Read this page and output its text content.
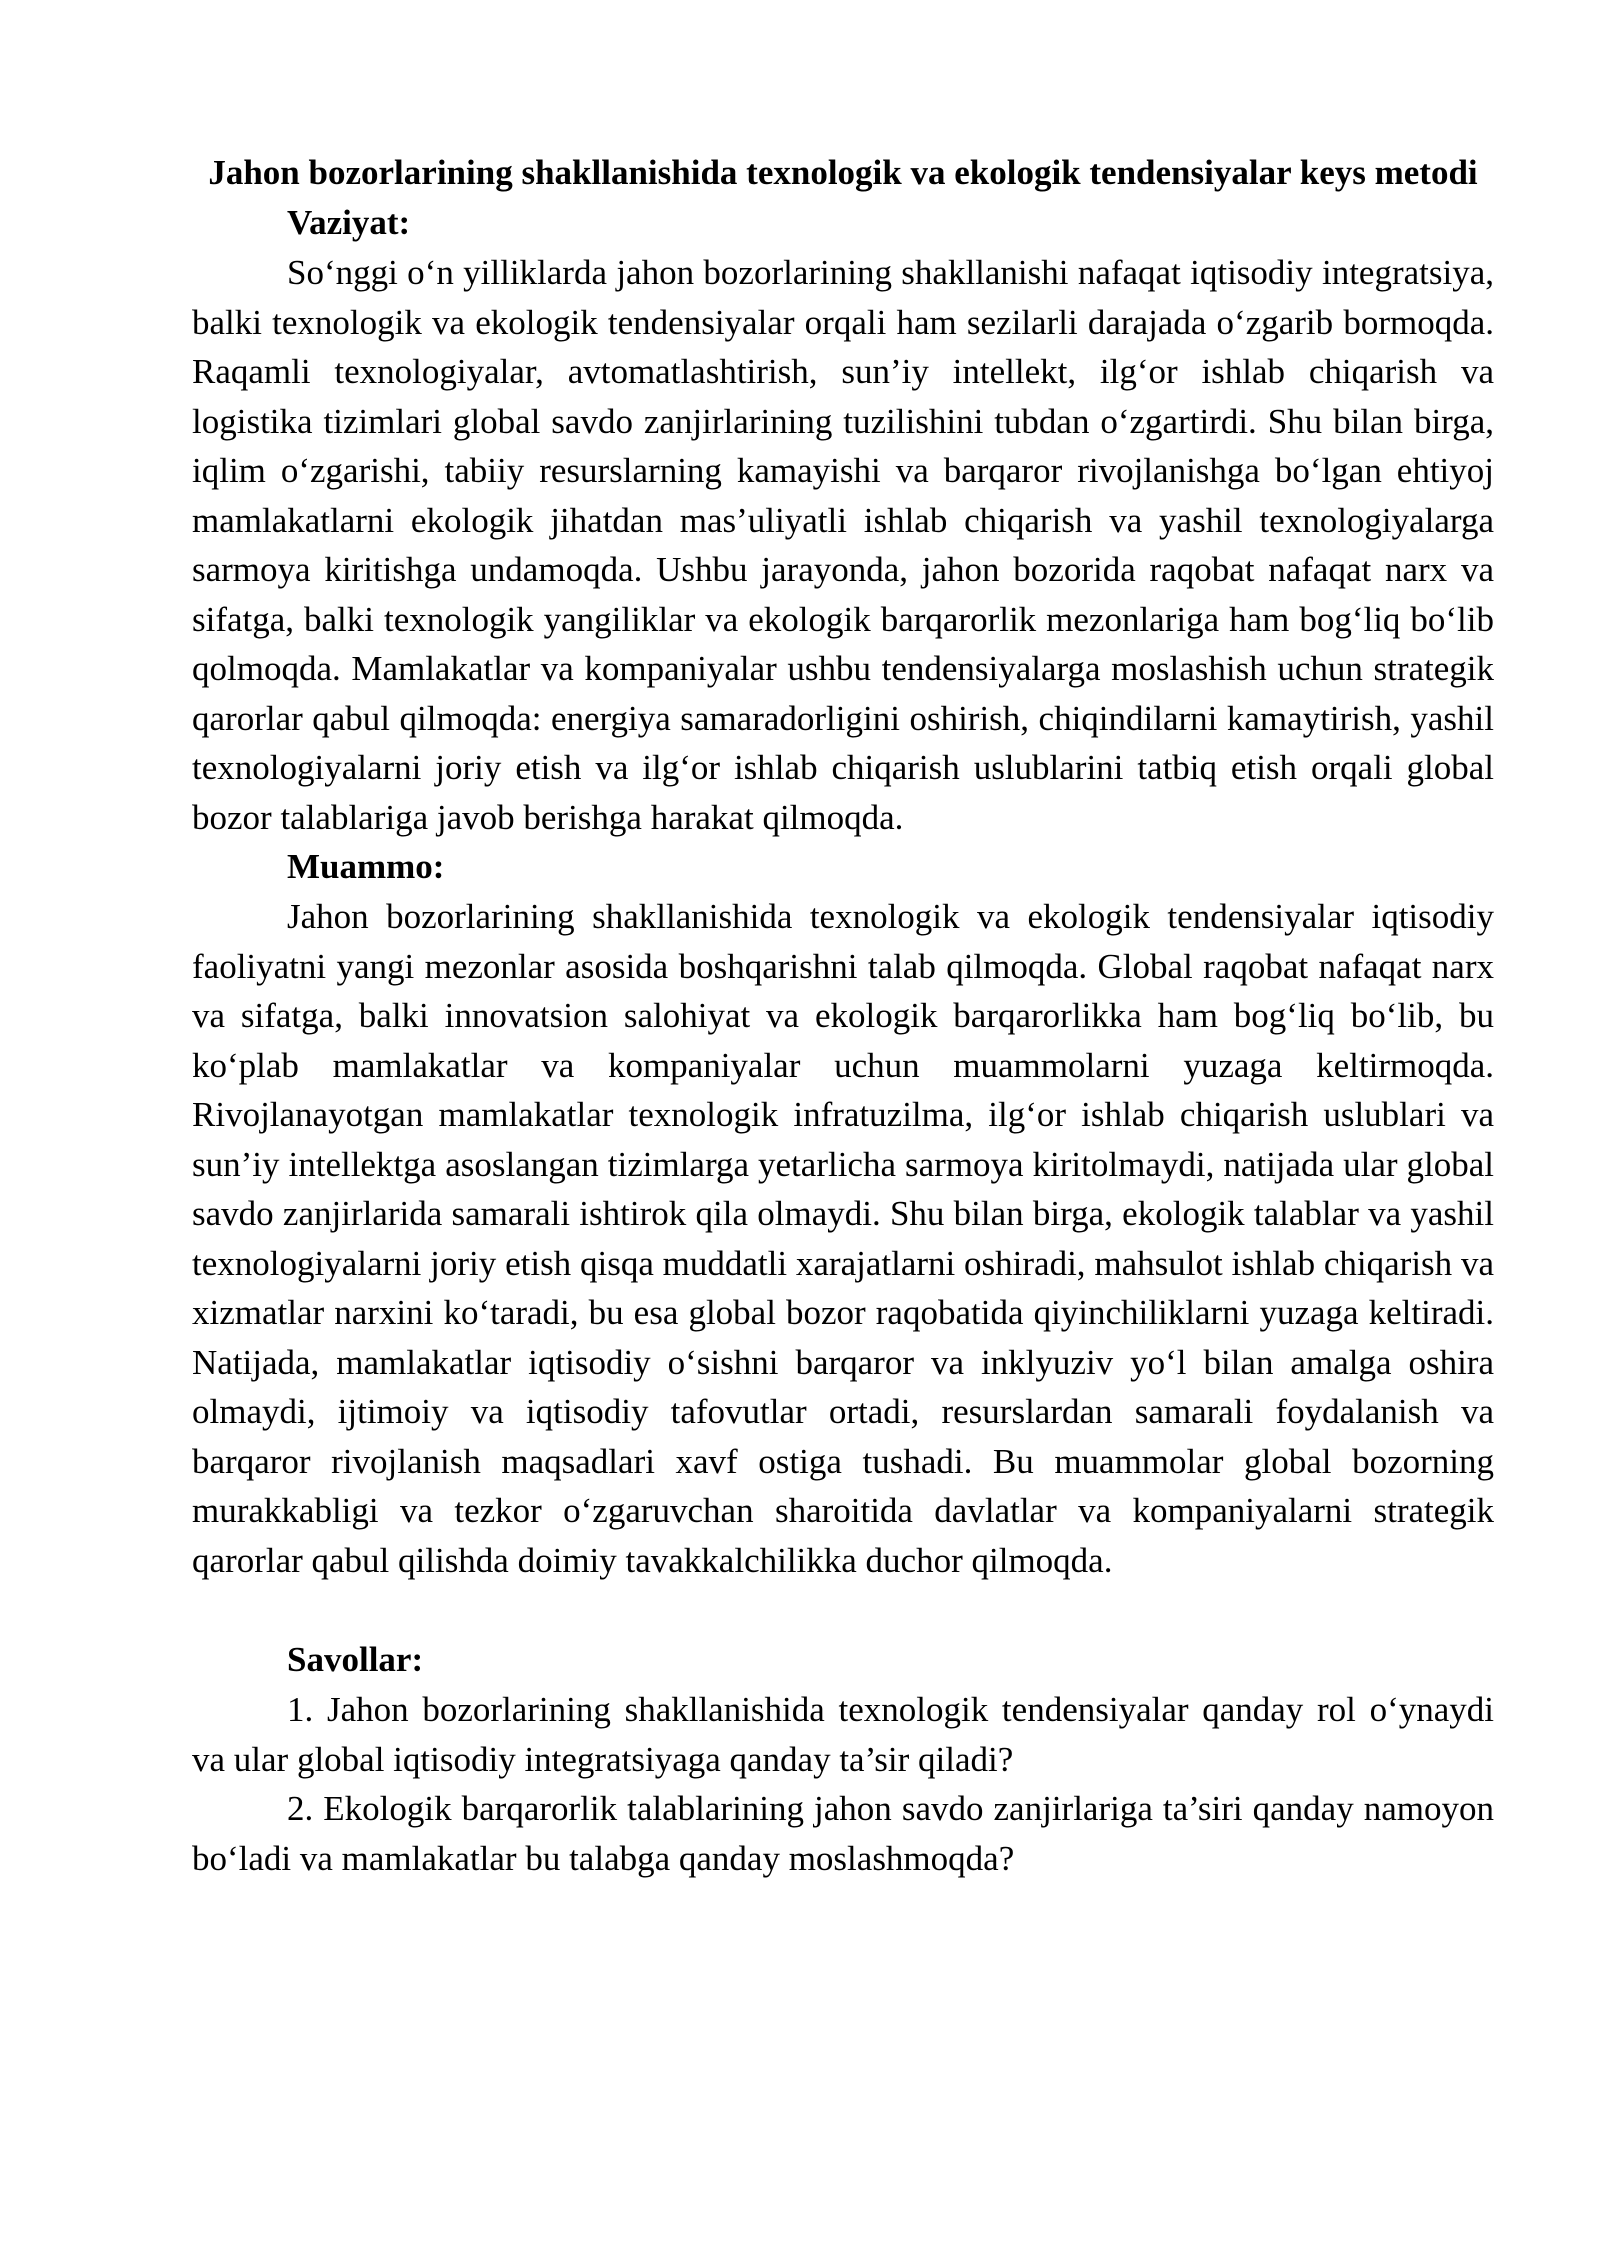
Jahon bozorlarining shakllanishida texnologik va ekologik tendensiyalar keys metodi
Vaziyat:

So‘nggi o‘n yilliklarda jahon bozorlarining shakllanishi nafaqat iqtisodiy integratsiya, balki texnologik va ekologik tendensiyalar orqali ham sezilarli darajada o‘zgarib bormoqda. Raqamli texnologiyalar, avtomatlashtirish, sun’iy intellekt, ilg‘or ishlab chiqarish va logistika tizimlari global savdo zanjirlarining tuzilishini tubdan o‘zgartirdi. Shu bilan birga, iqlim o‘zgarishi, tabiiy resurslarning kamayishi va barqaror rivojlanishga bo‘lgan ehtiyoj mamlakatlarni ekologik jihatdan mas’uliyatli ishlab chiqarish va yashil texnologiyalarga sarmoya kiritishga undamoqda. Ushbu jarayonda, jahon bozorida raqobat nafaqat narx va sifatga, balki texnologik yangiliklar va ekologik barqarorlik mezonlariga ham bog‘liq bo‘lib qolmoqda. Mamlakatlar va kompaniyalar ushbu tendensiyalarga moslashish uchun strategik qarorlar qabul qilmoqda: energiya samaradorligini oshirish, chiqindilarni kamaytirish, yashil texnologiyalarni joriy etish va ilg‘or ishlab chiqarish uslublarini tatbiq etish orqali global bozor talablariga javob berishga harakat qilmoqda.

Muammo:

Jahon bozorlarining shakllanishida texnologik va ekologik tendensiyalar iqtisodiy faoliyatni yangi mezonlar asosida boshqarishni talab qilmoqda. Global raqobat nafaqat narx va sifatga, balki innovatsion salohiyat va ekologik barqarorlikka ham bog‘liq bo‘lib, bu ko‘plab mamlakatlar va kompaniyalar uchun muammolarni yuzaga keltirmoqda. Rivojlanayotgan mamlakatlar texnologik infratuzilma, ilg‘or ishlab chiqarish uslublari va sun’iy intellektga asoslangan tizimlarga yetarlicha sarmoya kiritolmaydi, natijada ular global savdo zanjirlarida samarali ishtirok qila olmaydi. Shu bilan birga, ekologik talablar va yashil texnologiyalarni joriy etish qisqa muddatli xarajatlarni oshiradi, mahsulot ishlab chiqarish va xizmatlar narxini ko‘taradi, bu esa global bozor raqobatida qiyinchiliklarni yuzaga keltiradi. Natijada, mamlakatlar iqtisodiy o‘sishni barqaror va inklyuziv yo‘l bilan amalga oshira olmaydi, ijtimoiy va iqtisodiy tafovutlar ortadi, resurslardan samarali foydalanish va barqaror rivojlanish maqsadlari xavf ostiga tushadi. Bu muammolar global bozorning murakkabligi va tezkor o‘zgaruvchan sharoitida davlatlar va kompaniyalarni strategik qarorlar qabul qilishda doimiy tavakkalchilikka duchor qilmoqda.

Savollar:

1. Jahon bozorlarining shakllanishida texnologik tendensiyalar qanday rol o‘ynaydi va ular global iqtisodiy integratsiyaga qanday ta’sir qiladi?

2. Ekologik barqarorlik talablarining jahon savdo zanjirlariga ta’siri qanday namoyon bo‘ladi va mamlakatlar bu talabga qanday moslashmoqda?
